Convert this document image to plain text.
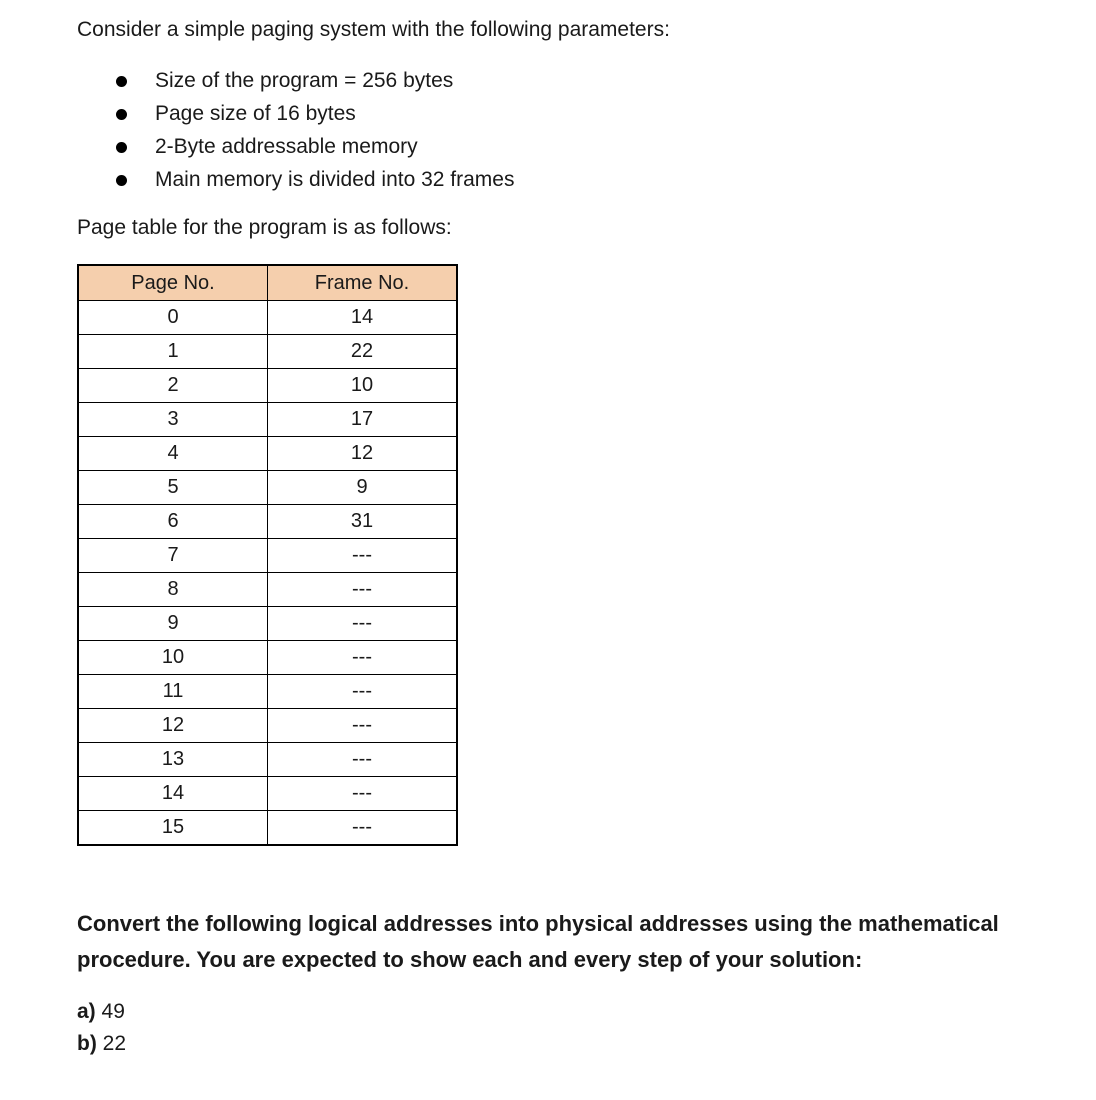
Consider a simple paging system with the following parameters:

Size of the program = 256 bytes
Page size of 16 bytes
2-Byte addressable memory
Main memory is divided into 32 frames

Page table for the program is as follows:

Page No.	Frame No.
0	14
1	22
2	10
3	17
4	12
5	9
6	31
7	---
8	---
9	---
10	---
11	---
12	---
13	---
14	---
15	---

Convert the following logical addresses into physical addresses using the mathematical procedure. You are expected to show each and every step of your solution:

a) 49
b) 22
